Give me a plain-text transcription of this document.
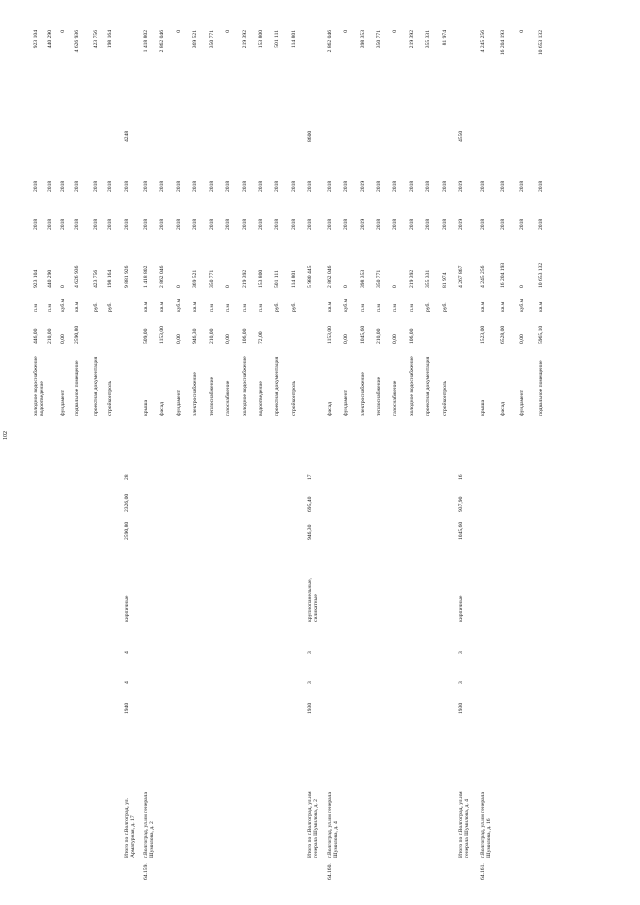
102
холодное водоснабжение водоотведение
446,00
п.м
923 104
2018
2018
923 104
210,00
п.м
440 290
2018
2018
440 290
фундамент
0,00
куб.м
0
2018
2018
0
подвальное помещение
2590,80
кв.м
4 626 936
2018
2018
4 626 936
проектная документация
руб.
423 756
2018
2018
423 756
стройконтроль
руб.
198 164
2018
2018
198 164
Итого по г.Волгоград, ул. Арматурная, д. 17
1940
4
4
кирпичные
2590,80
2326,00
28
9 881 926
2018
2018
4248
64.159.
г.Волгоград, ул.им генерала Шумилова, д. 2
крыша
509,00
кв.м
1 418 802
2018
2018
1 418 802
фасад
1153,00
кв.м
2 862 046
2018
2018
2 862 046
фундамент
0,00
куб.м
0
2018
2018
0
электроснабжение
946,30
кв.м
369 521
2018
2018
369 521
теплоснабжение
210,00
п.м
350 771
2018
2018
350 771
газоснабжение
0,00
п.м
0
2018
2018
0
холодное водоснабжение
106,00
п.м
219 392
2018
2018
219 392
водоотведение
72,00
п.м
153 800
2018
2018
153 800
проектная документация
руб.
501 111
2018
2018
501 111
стройконтроль
руб.
114 801
2018
2018
114 801
Итого по г.Волгоград, ул.им генерала Шумилова, д. 2
1930
3
3
крупнопанельные, силикатные
946,30
695,40
17
5 980 445
2018
2018
8600
64.160.
г.Волгоград, ул.им генерала Шумилова, д. 4
фасад
1153,00
кв.м
2 862 046
2018
2018
2 862 046
фундамент
0,00
куб.м
0
2018
2018
0
электроснабжение
1045,60
п.м
398 353
2019
2019
398 353
теплоснабжение
210,00
п.м
350 771
2018
2018
350 771
газоснабжение
0,00
п.м
0
2018
2018
0
холодное водоснабжение
106,00
п.м
219 392
2018
2018
219 392
проектная документация
руб.
355 331
2018
2018
355 331
стройконтроль
руб.
81 974
2018
2018
81 974
Итого по г.Волгоград, ул.им генерала Шумилова, д. 4
1930
3
3
кирпичные
1045,60
937,90
16
4 267 867
2019
2019
4550
64.161.
г.Волгоград, ул.им генерала Шумилова, д. 16
крыша
1523,00
кв.м
4 245 256
2018
2018
4 245 256
фасад
6528,00
кв.м
16 204 193
2018
2018
16 204 193
фундамент
0,00
куб.м
0
2018
2018
0
подвальное помещение
5965,10
кв.м
10 653 132
2018
2018
10 653 132
